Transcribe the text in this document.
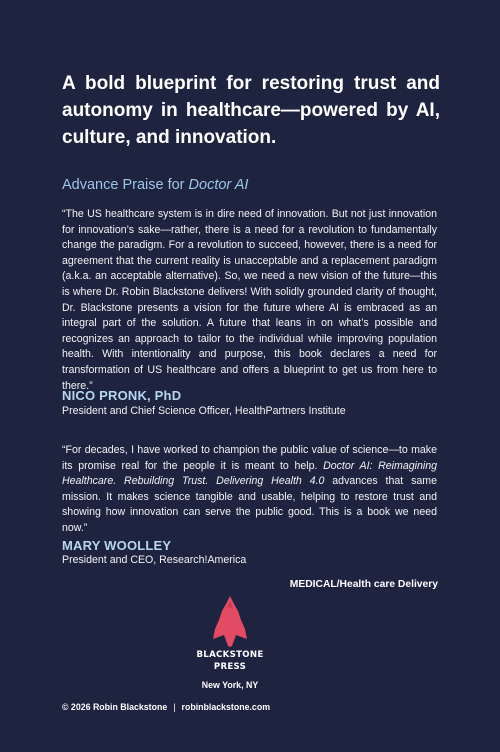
A bold blueprint for restoring trust and autonomy in healthcare—powered by AI, culture, and innovation.

Advance Praise for Doctor AI

“The US healthcare system is in dire need of innovation. But not just innovation for innovation’s sake—rather, there is a need for a revolution to fundamentally change the paradigm. For a revolution to succeed, however, there is a need for agreement that the current reality is unacceptable and a replacement paradigm (a.k.a. an acceptable alternative). So, we need a new vision of the future—this is where Dr. Robin Blackstone delivers! With solidly grounded clarity of thought, Dr. Blackstone presents a vision for the future where AI is embraced as an integral part of the solution. A future that leans in on what’s possible and recognizes an approach to tailor to the individual while improving population health. With intentionality and purpose, this book declares a need for transformation of US healthcare and offers a blueprint to get us from here to there.”

NICO PRONK, PhD

President and Chief Science Officer, HealthPartners Institute

“For decades, I have worked to champion the public value of science—to make its promise real for the people it is meant to help. Doctor AI: Reimagining Healthcare. Rebuilding Trust. Delivering Health 4.0 advances that same mission. It makes science tangible and usable, helping to restore trust and showing how innovation can serve the public good. This is a book we need now.”

MARY WOOLLEY

President and CEO, Research!America

MEDICAL/Health care Delivery
BLACKSTONE
PRESS
New York, NY
© 2026 Robin Blackstone | robinblackstone.com
